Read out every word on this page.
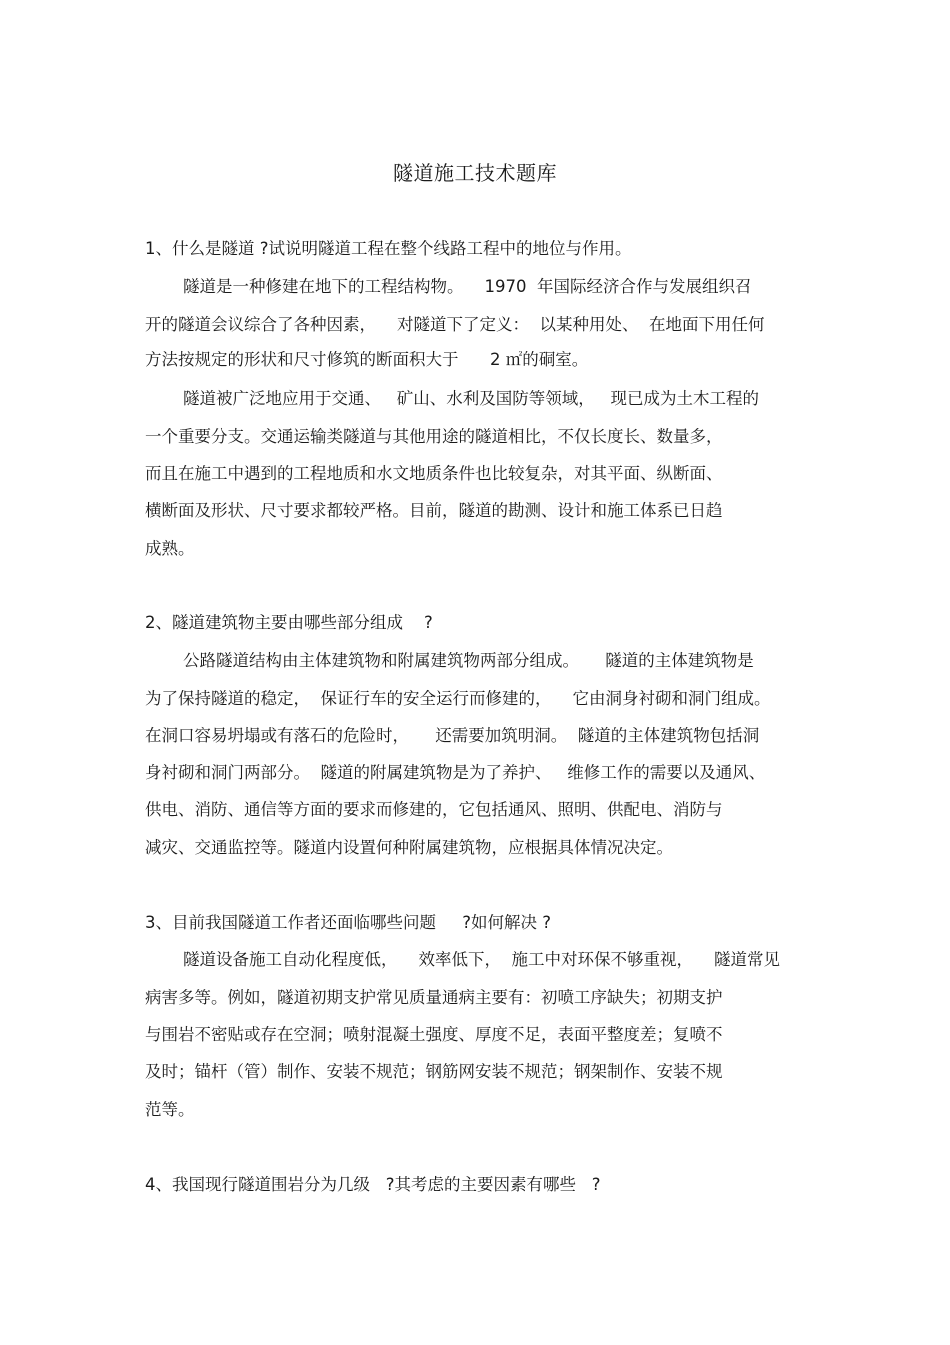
隧道施工技术题库
1、什么是隧道 ?试说明隧道工程在整个线路工程中的地位与作用。
隧道是一种修建在地下的工程结构物。    1970  年国际经济合作与发展组织召
开的隧道会议综合了各种因素，    对隧道下了定义：  以某种用处、  在地面下用任何
方法按规定的形状和尺寸修筑的断面积大于      2 ㎡的硐室。
隧道被广泛地应用于交通、   矿山、水利及国防等领域，   现已成为土木工程的
一个重要分支。交通运输类隧道与其他用途的隧道相比，不仅长度长、数量多，
而且在施工中遇到的工程地质和水文地质条件也比较复杂，对其平面、纵断面、
横断面及形状、尺寸要求都较严格。目前，隧道的勘测、设计和施工体系已日趋
成熟。
2、隧道建筑物主要由哪些部分组成    ?
公路隧道结构由主体建筑物和附属建筑物两部分组成。     隧道的主体建筑物是
为了保持隧道的稳定，  保证行车的安全运行而修建的，    它由洞身衬砌和洞门组成。
在洞口容易坍塌或有落石的危险时，     还需要加筑明洞。  隧道的主体建筑物包括洞
身衬砌和洞门两部分。  隧道的附属建筑物是为了养护、   维修工作的需要以及通风、
供电、消防、通信等方面的要求而修建的，它包括通风、照明、供配电、消防与
减灾、交通监控等。隧道内设置何种附属建筑物，应根据具体情况决定。
3、目前我国隧道工作者还面临哪些问题     ?如何解决 ?
隧道设备施工自动化程度低，    效率低下，  施工中对环保不够重视，    隧道常见
病害多等。例如，隧道初期支护常见质量通病主要有：初喷工序缺失；初期支护
与围岩不密贴或存在空洞；喷射混凝土强度、厚度不足，表面平整度差；复喷不
及时；锚杆（管）制作、安装不规范；钢筋网安装不规范；钢架制作、安装不规
范等。
4、我国现行隧道围岩分为几级   ?其考虑的主要因素有哪些   ?
